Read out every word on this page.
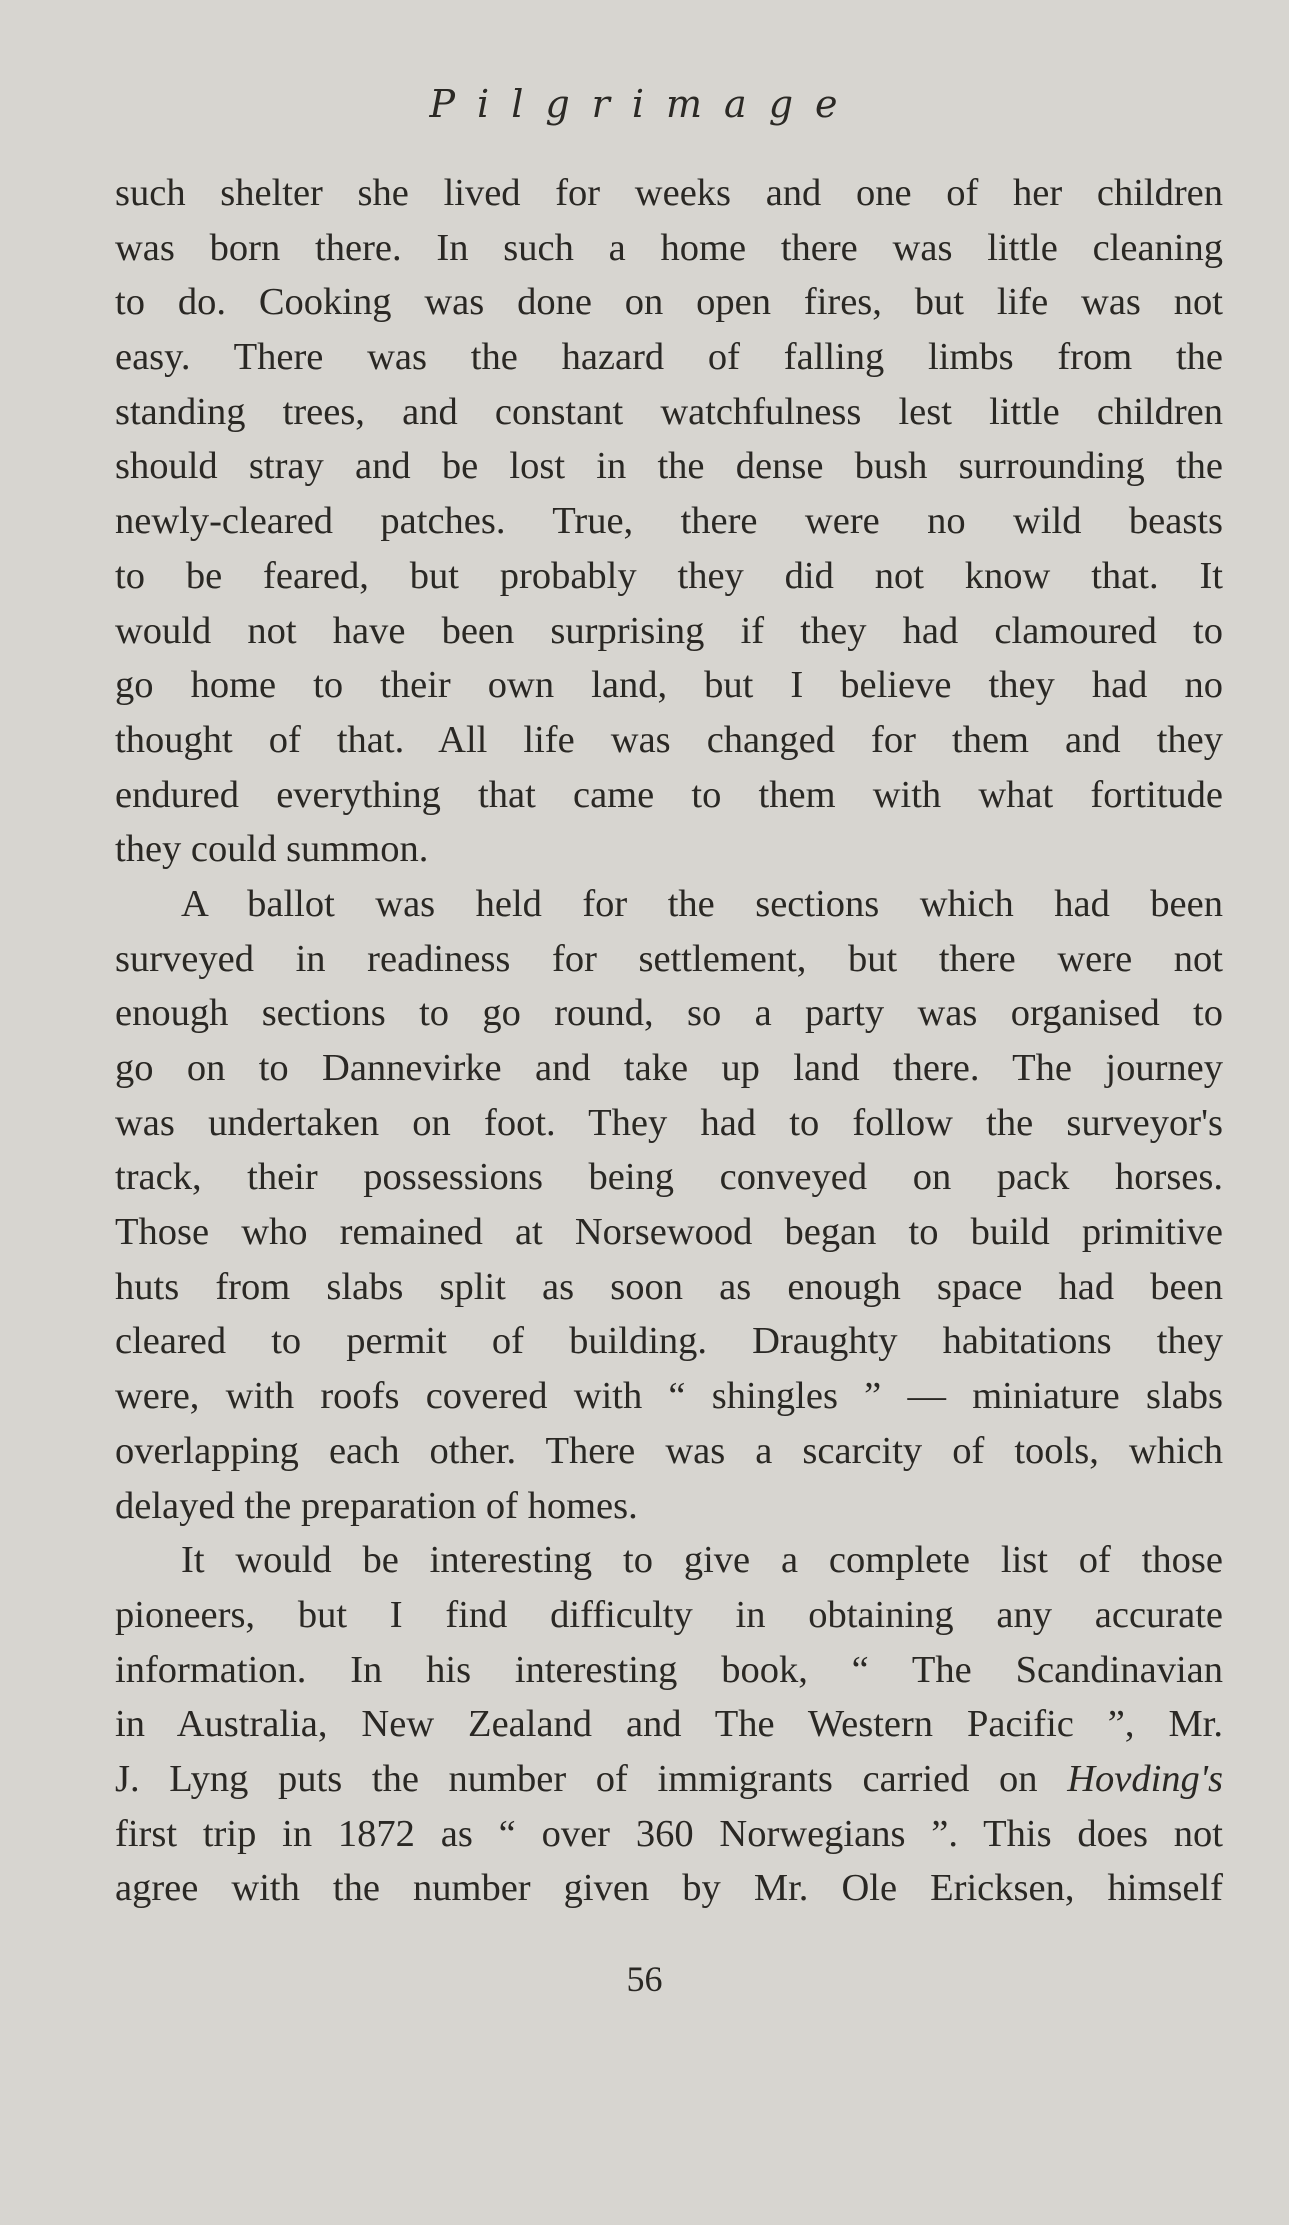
Pilgrimage
such shelter she lived for weeks and one of her children
was born there. In such a home there was little cleaning
to do. Cooking was done on open fires, but life was not
easy. There was the hazard of falling limbs from the
standing trees, and constant watchfulness lest little children
should stray and be lost in the dense bush surrounding the
newly-cleared patches. True, there were no wild beasts
to be feared, but probably they did not know that. It
would not have been surprising if they had clamoured to
go home to their own land, but I believe they had no
thought of that. All life was changed for them and they
endured everything that came to them with what fortitude
they could summon.
A ballot was held for the sections which had been
surveyed in readiness for settlement, but there were not
enough sections to go round, so a party was organised to
go on to Dannevirke and take up land there. The journey
was undertaken on foot. They had to follow the surveyor's
track, their possessions being conveyed on pack horses.
Those who remained at Norsewood began to build primitive
huts from slabs split as soon as enough space had been
cleared to permit of building. Draughty habitations they
were, with roofs covered with “ shingles ” — miniature slabs
overlapping each other. There was a scarcity of tools, which
delayed the preparation of homes.
It would be interesting to give a complete list of those
pioneers, but I find difficulty in obtaining any accurate
information. In his interesting book, “ The Scandinavian
in Australia, New Zealand and The Western Pacific ”, Mr.
J. Lyng puts the number of immigrants carried on Hovding's
first trip in 1872 as “ over 360 Norwegians ”. This does not
agree with the number given by Mr. Ole Ericksen, himself
56
